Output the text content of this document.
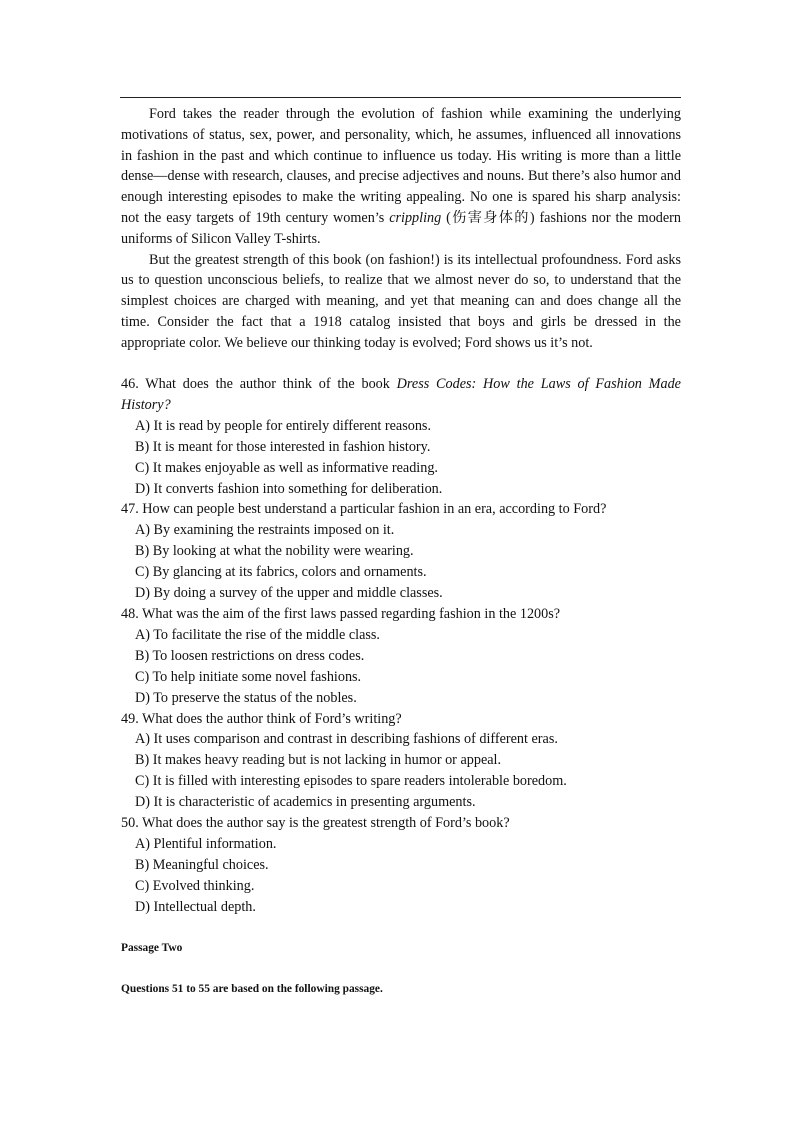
Ford takes the reader through the evolution of fashion while examining the underlying motivations of status, sex, power, and personality, which, he assumes, influenced all innovations in fashion in the past and which continue to influence us today. His writing is more than a little dense—dense with research, clauses, and precise adjectives and nouns. But there’s also humor and enough interesting episodes to make the writing appealing. No one is spared his sharp analysis: not the easy targets of 19th century women’s crippling (伤害身体的) fashions nor the modern uniforms of Silicon Valley T-shirts.

But the greatest strength of this book (on fashion!) is its intellectual profoundness. Ford asks us to question unconscious beliefs, to realize that we almost never do so, to understand that the simplest choices are charged with meaning, and yet that meaning can and does change all the time. Consider the fact that a 1918 catalog insisted that boys and girls be dressed in the appropriate color. We believe our thinking today is evolved; Ford shows us it’s not.

46. What does the author think of the book Dress Codes: How the Laws of Fashion Made History?

A) It is read by people for entirely different reasons.

B) It is meant for those interested in fashion history.

C) It makes enjoyable as well as informative reading.

D) It converts fashion into something for deliberation.

47. How can people best understand a particular fashion in an era, according to Ford?

A) By examining the restraints imposed on it.

B) By looking at what the nobility were wearing.

C) By glancing at its fabrics, colors and ornaments.

D) By doing a survey of the upper and middle classes.

48. What was the aim of the first laws passed regarding fashion in the 1200s?

A) To facilitate the rise of the middle class.

B) To loosen restrictions on dress codes.

C) To help initiate some novel fashions.

D) To preserve the status of the nobles.

49. What does the author think of Ford’s writing?

A) It uses comparison and contrast in describing fashions of different eras.

B) It makes heavy reading but is not lacking in humor or appeal.

C) It is filled with interesting episodes to spare readers intolerable boredom.

D) It is characteristic of academics in presenting arguments.

50. What does the author say is the greatest strength of Ford’s book?

A) Plentiful information.

B) Meaningful choices.

C) Evolved thinking.

D) Intellectual depth.

Passage Two
Questions 51 to 55 are based on the following passage.
